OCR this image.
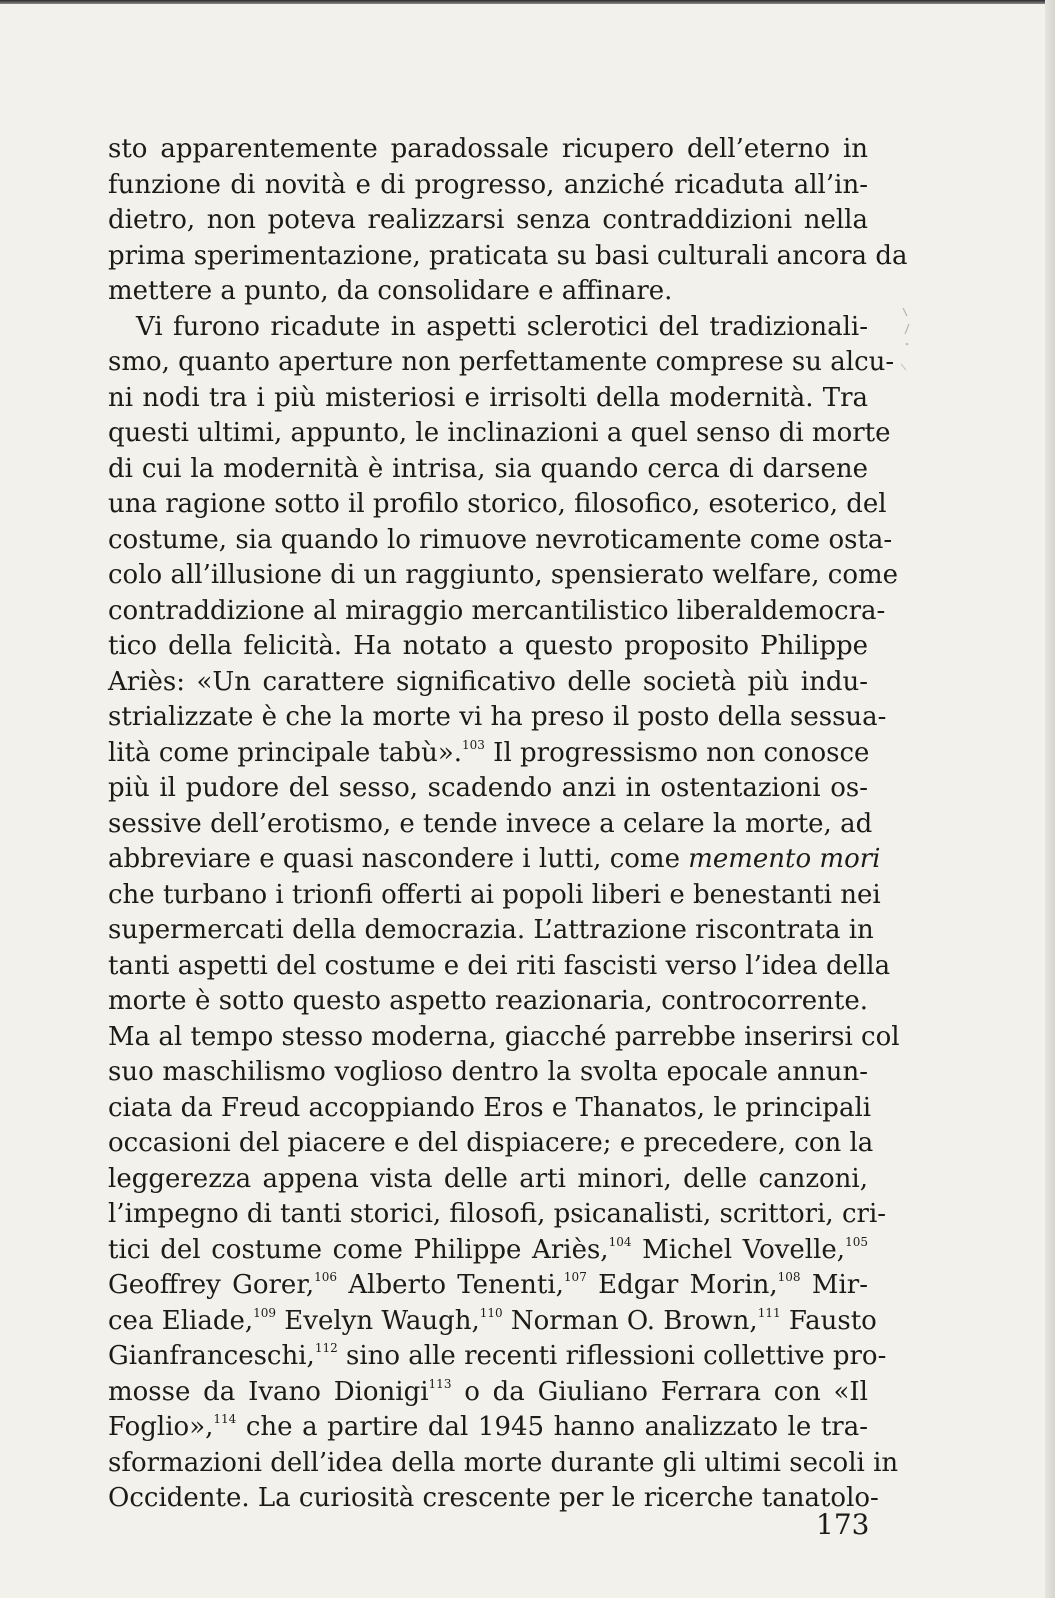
sto apparentemente paradossale ricupero dell’eterno in
funzione di novità e di progresso, anziché ricaduta all’in-
dietro, non poteva realizzarsi senza contraddizioni nella
prima sperimentazione, praticata su basi culturali ancora da
mettere a punto, da consolidare e affinare.
Vi furono ricadute in aspetti sclerotici del tradizionali-
smo, quanto aperture non perfettamente comprese su alcu-
ni nodi tra i più misteriosi e irrisolti della modernità. Tra
questi ultimi, appunto, le inclinazioni a quel senso di morte
di cui la modernità è intrisa, sia quando cerca di darsene
una ragione sotto il profilo storico, filosofico, esoterico, del
costume, sia quando lo rimuove nevroticamente come osta-
colo all’illusione di un raggiunto, spensierato welfare, come
contraddizione al miraggio mercantilistico liberaldemocra-
tico della felicità. Ha notato a questo proposito Philippe
Ariès: «Un carattere significativo delle società più indu-
strializzate è che la morte vi ha preso il posto della sessua-
lità come principale tabù».$^{103}$ Il progressismo non conosce
più il pudore del sesso, scadendo anzi in ostentazioni os-
sessive dell’erotismo, e tende invece a celare la morte, ad
abbreviare e quasi nascondere i lutti, come memento mori
che turbano i trionfi offerti ai popoli liberi e benestanti nei
supermercati della democrazia. L’attrazione riscontrata in
tanti aspetti del costume e dei riti fascisti verso l’idea della
morte è sotto questo aspetto reazionaria, controcorrente.
Ma al tempo stesso moderna, giacché parrebbe inserirsi col
suo maschilismo voglioso dentro la svolta epocale annun-
ciata da Freud accoppiando Eros e Thanatos, le principali
occasioni del piacere e del dispiacere; e precedere, con la
leggerezza appena vista delle arti minori, delle canzoni,
l’impegno di tanti storici, filosofi, psicanalisti, scrittori, cri-
tici del costume come Philippe Ariès,$^{104}$ Michel Vovelle,$^{105}$
Geoffrey Gorer,$^{106}$ Alberto Tenenti,$^{107}$ Edgar Morin,$^{108}$ Mir-
cea Eliade,$^{109}$ Evelyn Waugh,$^{110}$ Norman O. Brown,$^{111}$ Fausto
Gianfranceschi,$^{112}$ sino alle recenti riflessioni collettive pro-
mosse da Ivano Dionigi$^{113}$ o da Giuliano Ferrara con «Il
Foglio»,$^{114}$ che a partire dal 1945 hanno analizzato le tra-
sformazioni dell’idea della morte durante gli ultimi secoli in
Occidente. La curiosità crescente per le ricerche tanatolo-
173
